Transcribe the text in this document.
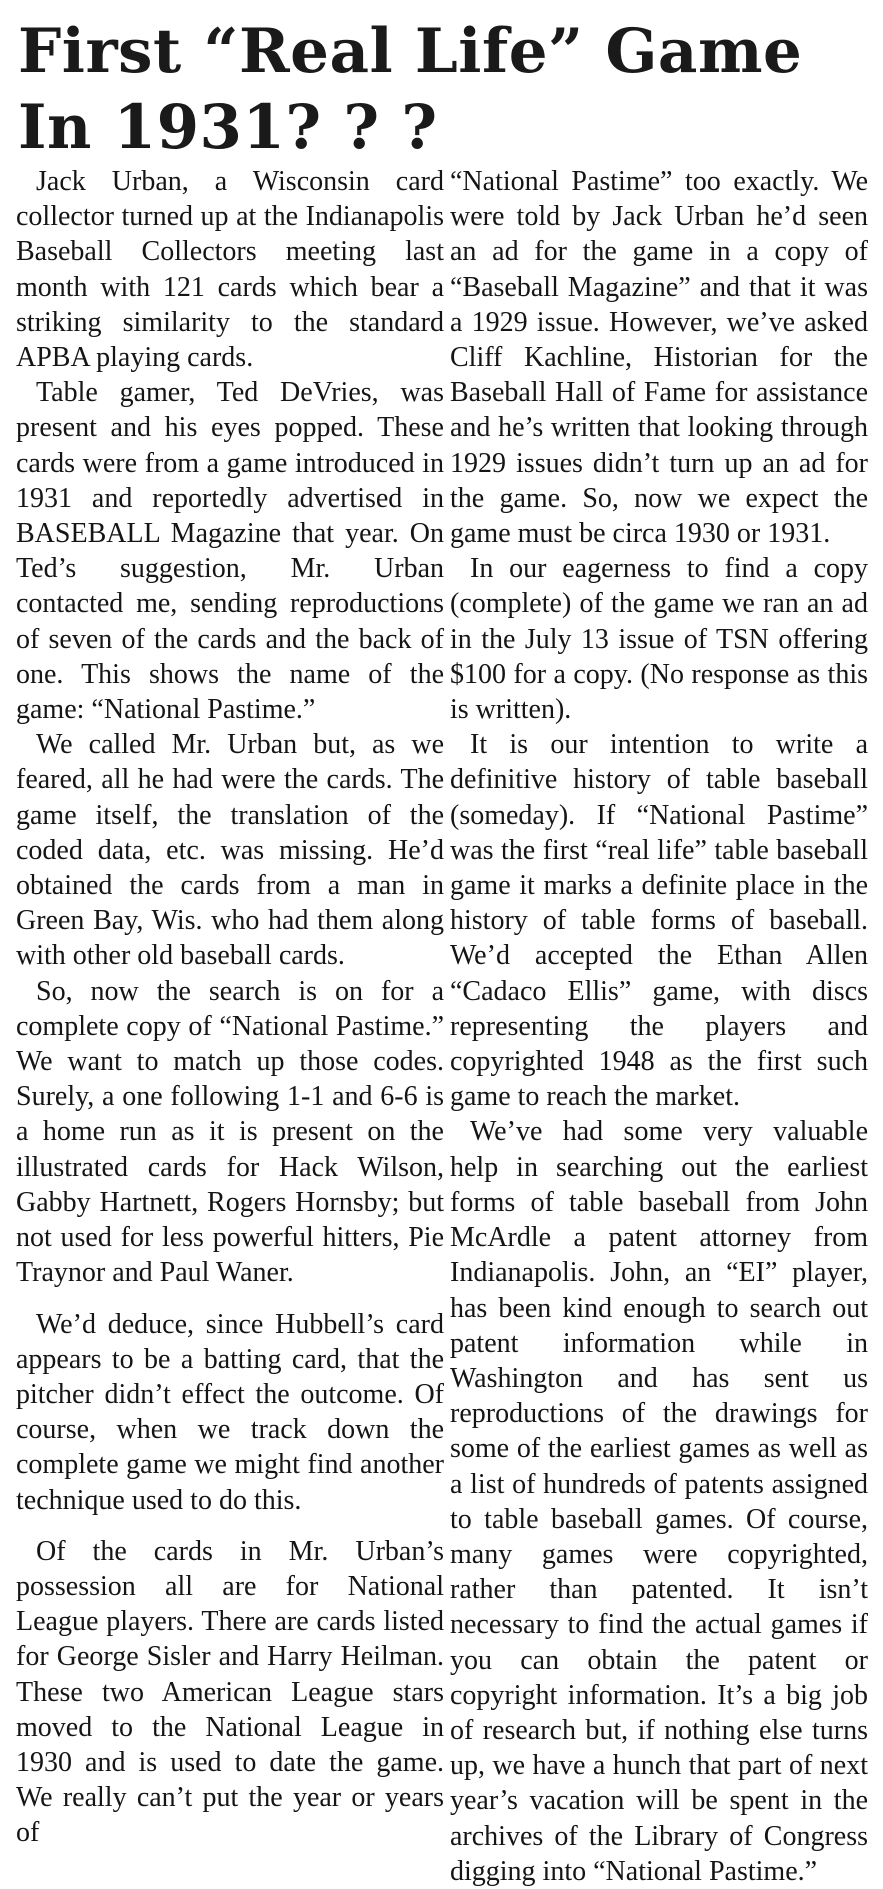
First “Real Life” Game
In 1931? ? ?

Jack Urban, a Wisconsin card collector turned up at the Indianapolis Baseball Collectors meeting last month with 121 cards which bear a striking similarity to the standard APBA playing cards.

Table gamer, Ted DeVries, was present and his eyes popped. These cards were from a game introduced in 1931 and reportedly advertised in BASEBALL Magazine that year. On Ted’s suggestion, Mr. Urban contacted me, sending reproductions of seven of the cards and the back of one. This shows the name of the game: “National Pastime.”

We called Mr. Urban but, as we feared, all he had were the cards. The game itself, the translation of the coded data, etc. was missing. He’d obtained the cards from a man in Green Bay, Wis. who had them along with other old baseball cards.

So, now the search is on for a complete copy of “National Pastime.” We want to match up those codes. Surely, a one following 1-1 and 6-6 is a home run as it is present on the illustrated cards for Hack Wilson, Gabby Hartnett, Rogers Hornsby; but not used for less powerful hitters, Pie Traynor and Paul Waner.

We’d deduce, since Hubbell’s card appears to be a batting card, that the pitcher didn’t effect the outcome. Of course, when we track down the complete game we might find another technique used to do this.

Of the cards in Mr. Urban’s possession all are for National League players. There are cards listed for George Sisler and Harry Heilman. These two American League stars moved to the National League in 1930 and is used to date the game. We really can’t put the year or years of

“National Pastime” too exactly. We were told by Jack Urban he’d seen an ad for the game in a copy of “Baseball Magazine” and that it was a 1929 issue. However, we’ve asked Cliff Kachline, Historian for the Baseball Hall of Fame for assistance and he’s written that looking through 1929 issues didn’t turn up an ad for the game. So, now we expect the game must be circa 1930 or 1931.

In our eagerness to find a copy (complete) of the game we ran an ad in the July 13 issue of TSN offering $100 for a copy. (No response as this is written).

It is our intention to write a definitive history of table baseball (someday). If “National Pastime” was the first “real life” table baseball game it marks a definite place in the history of table forms of baseball. We’d accepted the Ethan Allen “Cadaco Ellis” game, with discs representing the players and copyrighted 1948 as the first such game to reach the market.

We’ve had some very valuable help in searching out the earliest forms of table baseball from John McArdle a patent attorney from Indianapolis. John, an “EI” player, has been kind enough to search out patent information while in Washington and has sent us reproductions of the drawings for some of the earliest games as well as a list of hundreds of patents assigned to table baseball games. Of course, many games were copyrighted, rather than patented. It isn’t necessary to find the actual games if you can obtain the patent or copyright information. It’s a big job of research but, if nothing else turns up, we have a hunch that part of next year’s vacation will be spent in the archives of the Library of Congress digging into “National Pastime.”
